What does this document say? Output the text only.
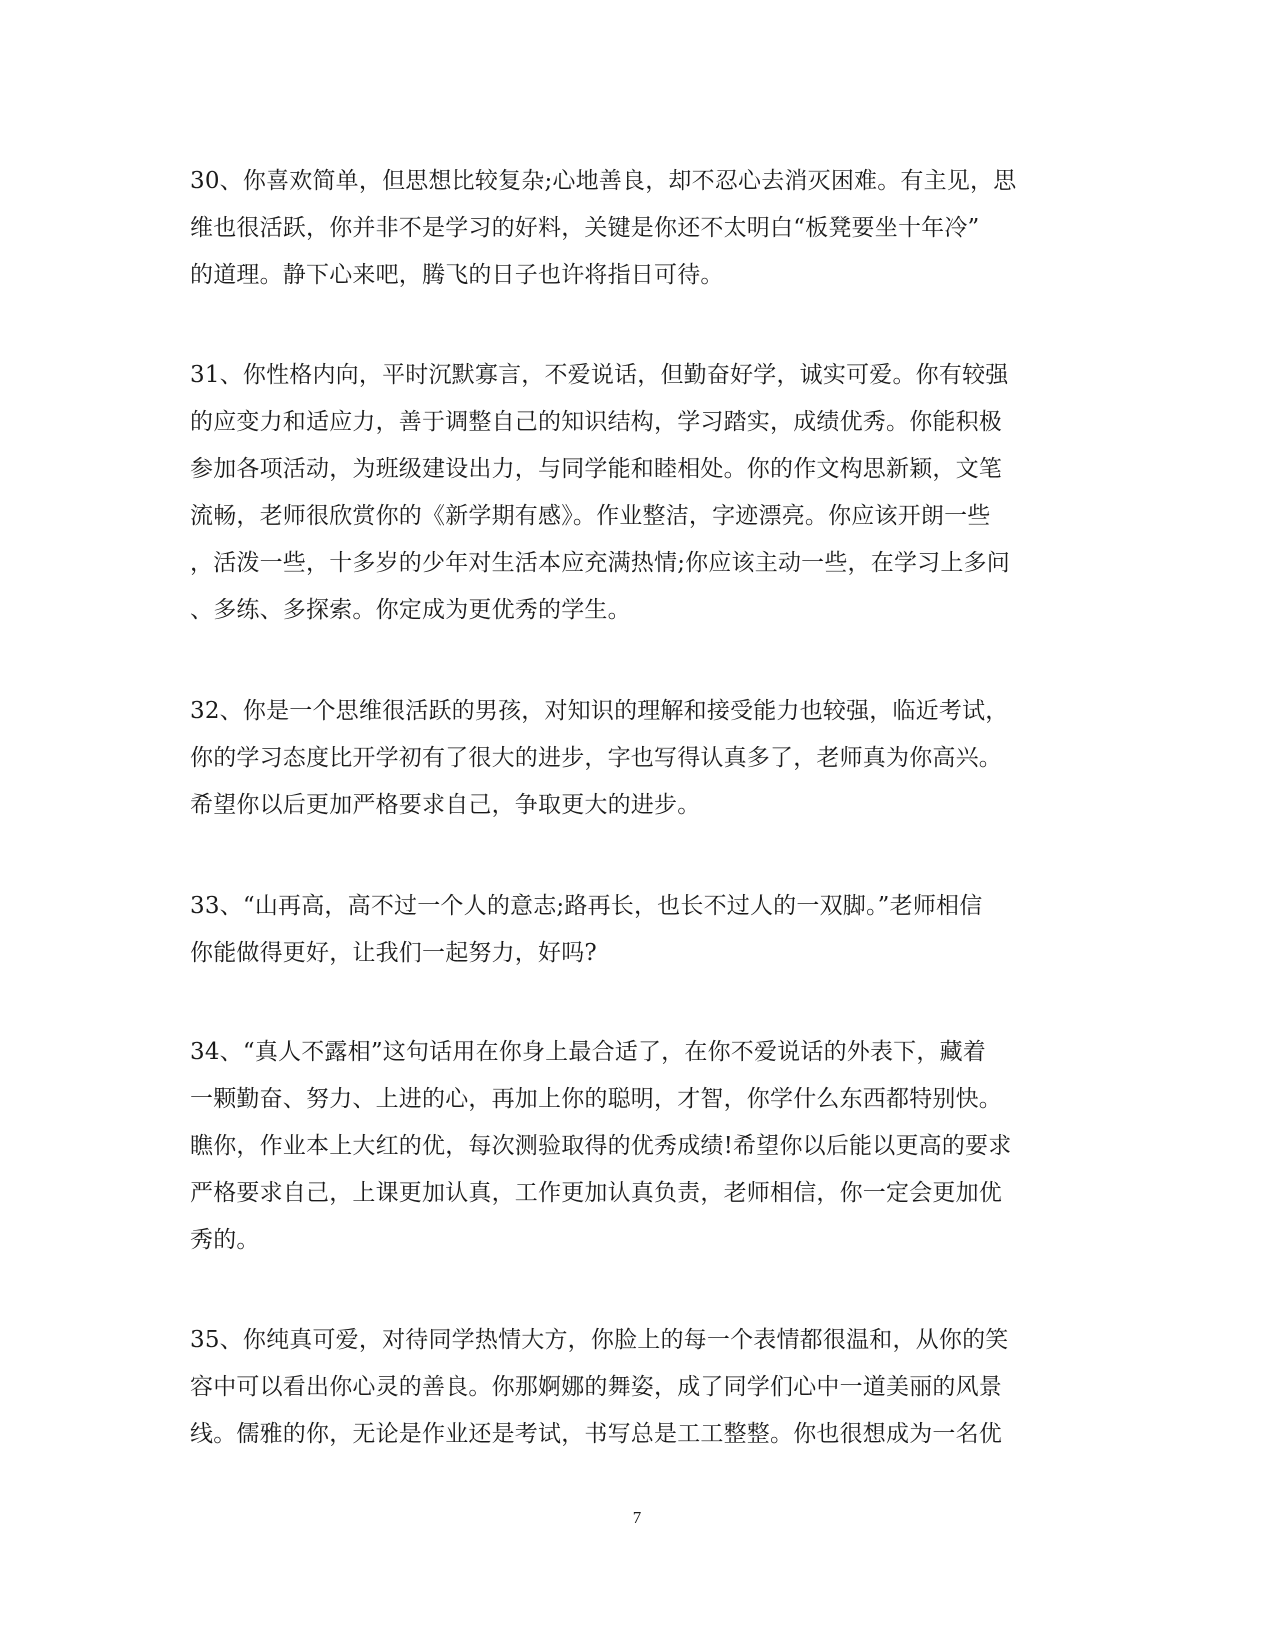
30、你喜欢简单，但思想比较复杂;心地善良，却不忍心去消灭困难。有主见，思
维也很活跃，你并非不是学习的好料，关键是你还不太明白“板凳要坐十年冷”
的道理。静下心来吧，腾飞的日子也许将指日可待。
31、你性格内向，平时沉默寡言，不爱说话，但勤奋好学，诚实可爱。你有较强
的应变力和适应力，善于调整自己的知识结构，学习踏实，成绩优秀。你能积极
参加各项活动，为班级建设出力，与同学能和睦相处。你的作文构思新颖，文笔
流畅，老师很欣赏你的《新学期有感》。作业整洁，字迹漂亮。你应该开朗一些
，活泼一些，十多岁的少年对生活本应充满热情;你应该主动一些，在学习上多问
、多练、多探索。你定成为更优秀的学生。
32、你是一个思维很活跃的男孩，对知识的理解和接受能力也较强，临近考试，
你的学习态度比开学初有了很大的进步，字也写得认真多了，老师真为你高兴。
希望你以后更加严格要求自己，争取更大的进步。
33、“山再高，高不过一个人的意志;路再长，也长不过人的一双脚。”老师相信
你能做得更好，让我们一起努力，好吗?
34、“真人不露相”这句话用在你身上最合适了，在你不爱说话的外表下，藏着
一颗勤奋、努力、上进的心，再加上你的聪明，才智，你学什么东西都特别快。
瞧你，作业本上大红的优，每次测验取得的优秀成绩!希望你以后能以更高的要求
严格要求自己，上课更加认真，工作更加认真负责，老师相信，你一定会更加优
秀的。
35、你纯真可爱，对待同学热情大方，你脸上的每一个表情都很温和，从你的笑
容中可以看出你心灵的善良。你那婀娜的舞姿，成了同学们心中一道美丽的风景
线。儒雅的你，无论是作业还是考试，书写总是工工整整。你也很想成为一名优
7
